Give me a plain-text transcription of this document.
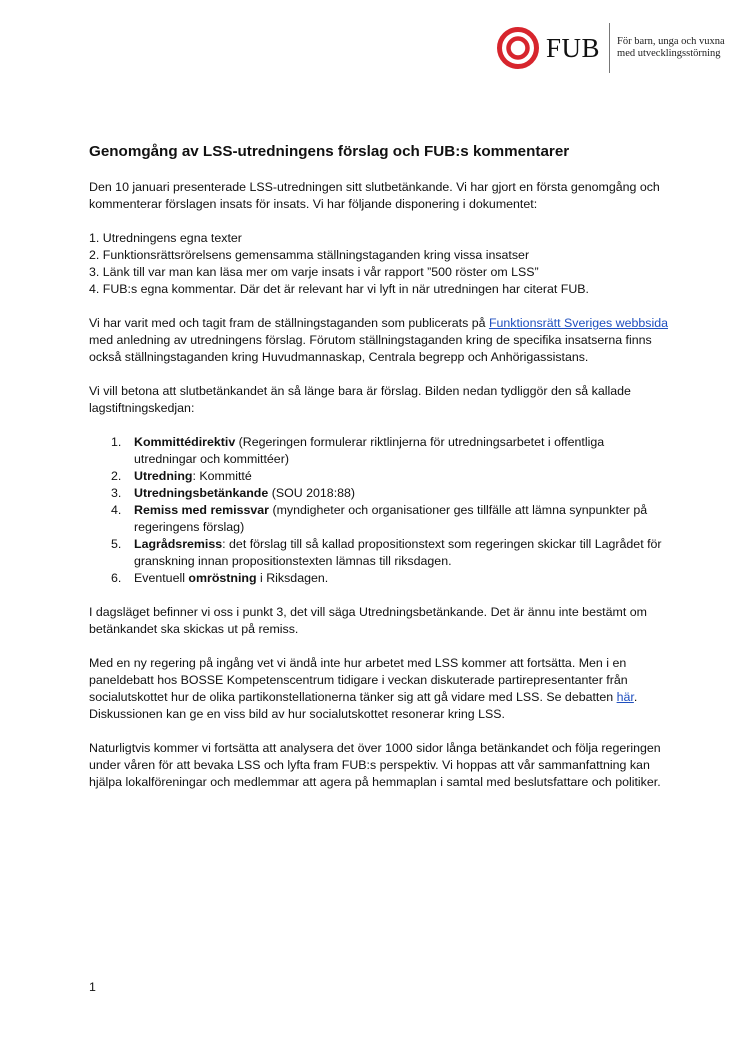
FUB För barn, unga och vuxna
med utvecklingsstörning
Genomgång av LSS-utredningens förslag och FUB:s kommentarer

Den 10 januari presenterade LSS-utredningen sitt slutbetänkande. Vi har gjort en första genomgång och kommenterar förslagen insats för insats. Vi har följande disponering i dokumentet:

1. Utredningens egna texter
2. Funktionsrättsrörelsens gemensamma ställningstaganden kring vissa insatser
3. Länk till var man kan läsa mer om varje insats i vår rapport ”500 röster om LSS”
4. FUB:s egna kommentar. Där det är relevant har vi lyft in när utredningen har citerat FUB.

Vi har varit med och tagit fram de ställningstaganden som publicerats på Funktionsrätt Sveriges webbsida med anledning av utredningens förslag. Förutom ställningstaganden kring de specifika insatserna finns också ställningstaganden kring Huvudmannaskap, Centrala begrepp och Anhörigassistans.

Vi vill betona att slutbetänkandet än så länge bara är förslag. Bilden nedan tydliggör den så kallade lagstiftningskedjan:

1. Kommittédirektiv (Regeringen formulerar riktlinjerna för utredningsarbetet i offentliga utredningar och kommittéer)
2. Utredning: Kommitté
3. Utredningsbetänkande (SOU 2018:88)
4. Remiss med remissvar (myndigheter och organisationer ges tillfälle att lämna synpunkter på regeringens förslag)
5. Lagrådsremiss: det förslag till så kallad propositionstext som regeringen skickar till Lagrådet för granskning innan propositionstexten lämnas till riksdagen.
6. Eventuell omröstning i Riksdagen.

I dagsläget befinner vi oss i punkt 3, det vill säga Utredningsbetänkande. Det är ännu inte bestämt om betänkandet ska skickas ut på remiss.

Med en ny regering på ingång vet vi ändå inte hur arbetet med LSS kommer att fortsätta. Men i en paneldebatt hos BOSSE Kompetenscentrum tidigare i veckan diskuterade partirepresentanter från socialutskottet hur de olika partikonstellationerna tänker sig att gå vidare med LSS. Se debatten här. Diskussionen kan ge en viss bild av hur socialutskottet resonerar kring LSS.

Naturligtvis kommer vi fortsätta att analysera det över 1000 sidor långa betänkandet och följa regeringen under våren för att bevaka LSS och lyfta fram FUB:s perspektiv. Vi hoppas att vår sammanfattning kan hjälpa lokalföreningar och medlemmar att agera på hemmaplan i samtal med beslutsfattare och politiker.

1
